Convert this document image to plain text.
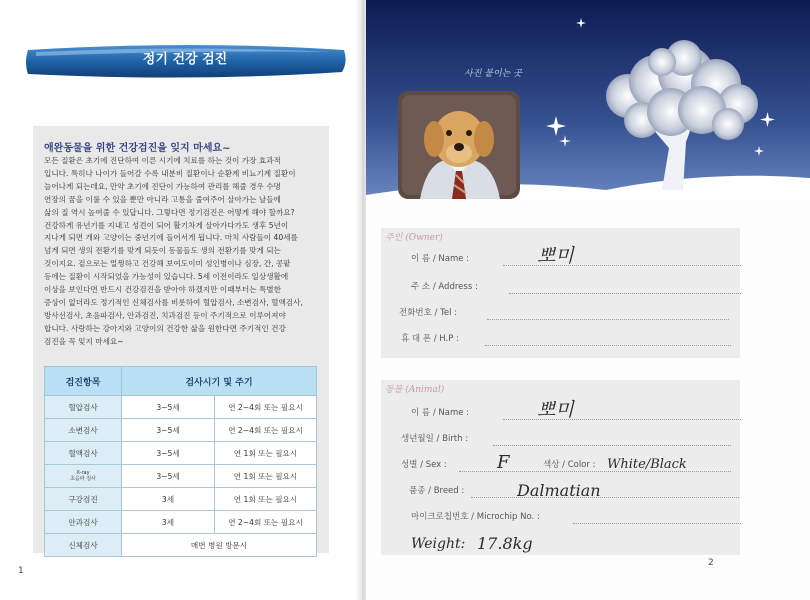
정기 건강 검진
애완동물을 위한 건강검진을 잊지 마세요~

모든 질환은 초기에 진단하여 이른 시기에 치료를 하는 것이 가장 효과적

입니다. 특히나 나이가 들어갈 수록 내분비 질환이나 순환계 비뇨기계 질환이

늘어나게 되는데요, 만약 초기에 진단이 가능하여 관리를 해줄 경우 수명

연장의 꿈을 이룰 수 있을 뿐만 아니라 고통을 줄여주어 살아가는 날들에

삶의 질 역시 높여줄 수 있답니다. 그렇다면 정기검진은 어떻게 해야 할까요?

건강하게 유년기를 지내고 성견이 되어 활기차게 살아가다가도 생후 5년이

지나게 되면 개와 고양이는 중년기에 들어서게 됩니다. 마치 사람들이 40세를

넘게 되면 생의 전환기를 맞게 되듯이 동물들도 생의 전환기를 맞게 되는

것이지요. 겉으로는 멀쩡하고 건강해 보여도이미 성인병이나 심장, 간, 콩팥

등에는 질환이 시작되었을 가능성이 있습니다. 5세 이전이라도 일상생활에

이상을 보인다면 반드시 건강검진을 받아야 하겠지만 이때부터는 특별한

증상이 없더라도 정기적인 신체검사를 비롯하여 혈압검사, 소변검사, 혈액검사,

방사선검사, 초음파검사, 안과검진, 치과검진 등이 주기적으로 이루어져야

합니다. 사랑하는 강아지와 고양이의 건강한 삶을 원한다면 주기적인 건강

검진을 꼭 잊지 마세요~

검진항목	검사시기 및 주기	
혈압검사	3~5세	연 2~4회 또는 필요시
소변검사	3~5세	연 2~4회 또는 필요시
혈액검사	3~5세	연 1회 또는 필요시

X-ray
초음파 검사	3~5세	연 1회 또는 필요시
구강검진	3세	연 1회 또는 필요시
안과검사	3세	연 2~4회 또는 필요시
신체검사	매번 병원 방문시	
1
사진 붙이는 곳
주인 (Owner)
이 름 / Name :	뽀미
주 소 / Address :
전화번호 / Tel :
휴 대 폰 / H.P :
동물 (Animal)
이 름 / Name :	뽀미
생년월일 / Birth :
성별 / Sex :	F	색상 / Color : White/Black
품종 / Breed :	Dalmatian
마이크로칩번호 / Microchip No. :
Weight: 17.8kg
2
